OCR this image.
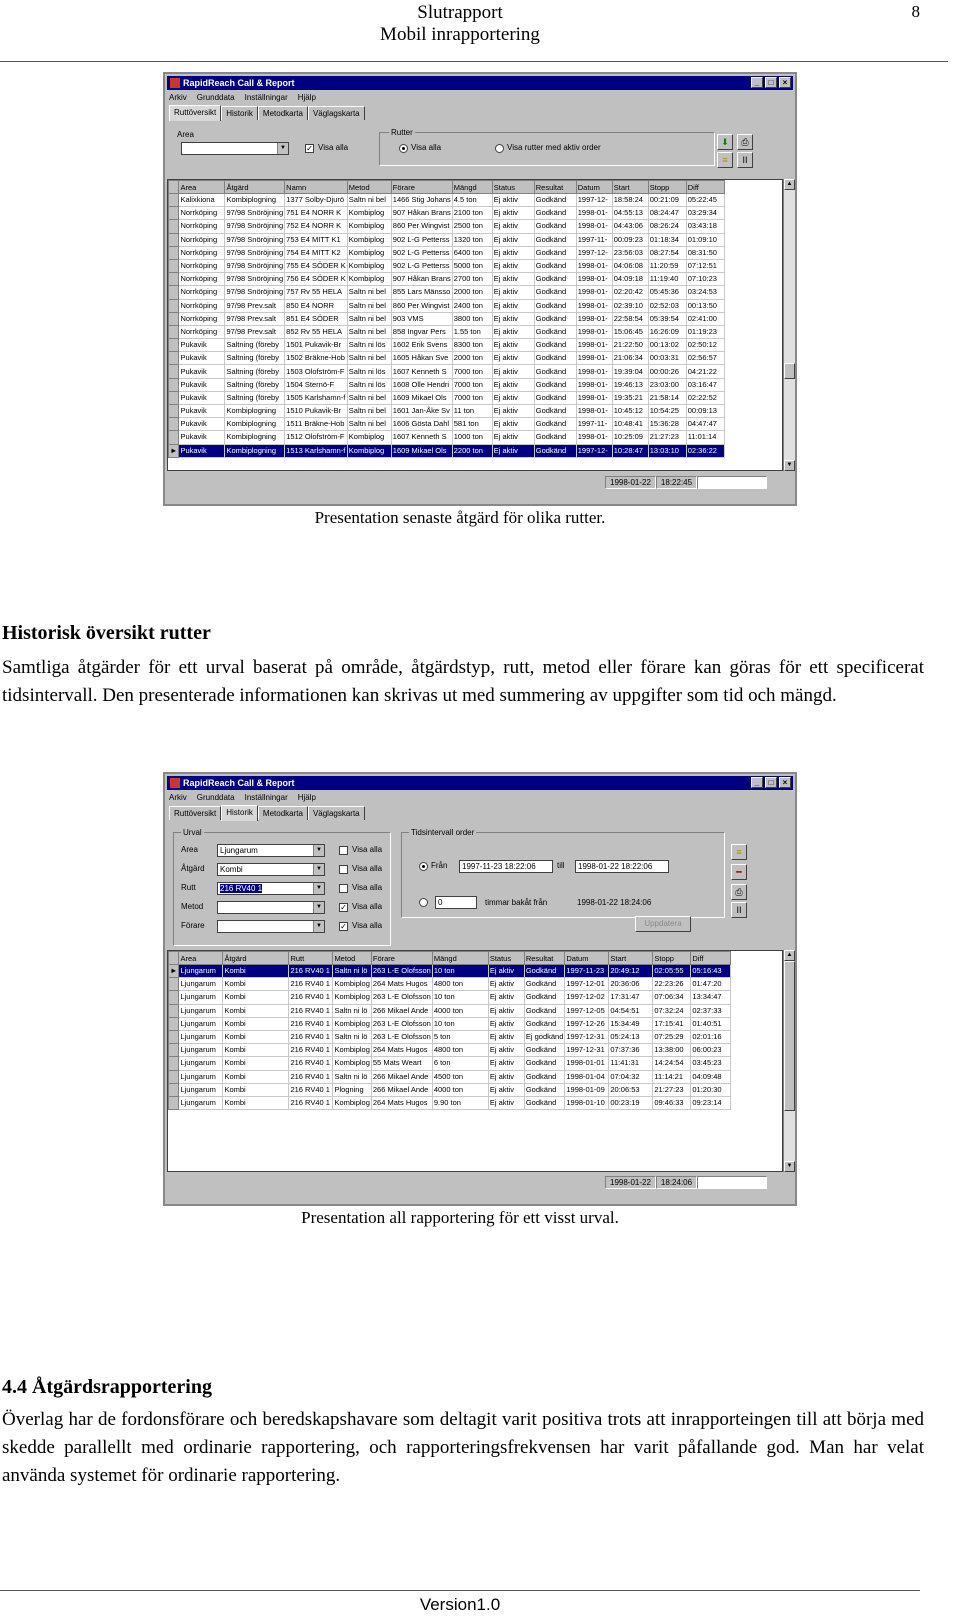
Slutrapport
Mobil inrapportering
8
RapidReach Call & Report	_	□	×
Arkiv Grunddata Inställningar Hjälp
Ruttöversikt	Historik	Metodkarta	Väglagskarta
Area
▼	✓ Visa alla
Rutter
Visa alla	Visa rutter med aktiv order
⬇	⎙
≡	II
	Area	Åtgärd	Namn	Metod	Förare	Mängd	Status	Resultat	Datum	Start	Stopp	Diff
	Kalixkiona	Kombiplogning	1377 Solby-Djurö	Saltn ni bel	1466 Stig Johans	4.5 ton	Ej aktiv	Godkänd	1997-12-	18:58:24	00:21:09	05:22:45
	Norrköping	97/98 Snöröjning	751 E4 NORR K	Kombiplog	907 Håkan Brans	2100 ton	Ej aktiv	Godkänd	1998-01-	04:55:13	08:24:47	03:29:34
	Norrköping	97/98 Snöröjning	752 E4 NORR K	Kombiplog	860 Per Wingvist	2500 ton	Ej aktiv	Godkänd	1998-01-	04:43:06	08:26:24	03:43:18
	Norrköping	97/98 Snöröjning	753 E4 MITT K1	Kombiplog	902 L-G Petterss	1320 ton	Ej aktiv	Godkänd	1997-11-	00:09:23	01:18:34	01:09:10
	Norrköping	97/98 Snöröjning	754 E4 MITT K2	Kombiplog	902 L-G Petterss	6400 ton	Ej aktiv	Godkänd	1997-12-	23:56:03	08:27:54	08:31:50
	Norrköping	97/98 Snöröjning	755 E4 SÖDER K	Kombiplog	902 L-G Petterss	5000 ton	Ej aktiv	Godkänd	1998-01-	04:06:08	11:20:59	07:12:51
	Norrköping	97/98 Snöröjning	756 E4 SÖDER K	Kombiplog	907 Håkan Brans	2700 ton	Ej aktiv	Godkänd	1998-01-	04:09:18	11:19:40	07:10:23
	Norrköping	97/98 Snöröjning	757 Rv 55 HELA	Saltn ni bel	855 Lars Mänsso	2000 ton	Ej aktiv	Godkänd	1998-01-	02:20:42	05:45:36	03:24:53
	Norrköping	97/98 Prev.salt	850 E4 NORR	Saltn ni bel	860 Per Wingvist	2400 ton	Ej aktiv	Godkänd	1998-01-	02:39:10	02:52:03	00:13:50
	Norrköping	97/98 Prev.salt	851 E4 SÖDER	Saltn ni bel	903 VMS	3800 ton	Ej aktiv	Godkänd	1998-01-	22:58:54	05:39:54	02:41:00
	Norrköping	97/98 Prev.salt	852 Rv 55 HELA	Saltn ni bel	858 Ingvar Pers	1.55 ton	Ej aktiv	Godkänd	1998-01-	15:06:45	16:26:09	01:19:23
	Pukavik	Saltning (föreby	1501 Pukavik-Br	Saltn ni lös	1602 Erik Svens	8300 ton	Ej aktiv	Godkänd	1998-01-	21:22:50	00:13:02	02:50:12
	Pukavik	Saltning (föreby	1502 Bräkne-Hob	Saltn ni bel	1605 Håkan Sve	2000 ton	Ej aktiv	Godkänd	1998-01-	21:06:34	00:03:31	02:56:57
	Pukavik	Saltning (föreby	1503 Olofström-F	Saltn ni lös	1607 Kenneth S	7000 ton	Ej aktiv	Godkänd	1998-01-	19:39:04	00:00:26	04:21:22
	Pukavik	Saltning (föreby	1504 Sternö-F	Saltn ni lös	1608 Olle Hendri	7000 ton	Ej aktiv	Godkänd	1998-01-	19:46:13	23:03:00	03:16:47
	Pukavik	Saltning (föreby	1505 Karlshamn-f	Saltn ni bel	1609 Mikael Ols	7000 ton	Ej aktiv	Godkänd	1998-01-	19:35:21	21:58:14	02:22:52
	Pukavik	Kombiplogning	1510 Pukavik-Br	Saltn ni bel	1601 Jan-Åke Sv	11 ton	Ej aktiv	Godkänd	1998-01-	10:45:12	10:54:25	00:09:13
	Pukavik	Kombiplogning	1511 Bräkne-Hob	Saltn ni bel	1606 Gösta Dahl	581 ton	Ej aktiv	Godkänd	1997-11-	10:48:41	15:36:28	04:47:47
	Pukavik	Kombiplogning	1512 Olofström-F	Kombiplog	1607 Kenneth S	1000 ton	Ej aktiv	Godkänd	1998-01-	10:25:09	21:27:23	11:01:14
►	Pukavik	Kombiplogning	1513 Karlshamn-f	Kombiplog	1609 Mikael Ols	2200 ton	Ej aktiv	Godkänd	1997-12-	10:28:47	13:03:10	02:36:22
▲
▼
1998-01-22	18:22:45
Presentation senaste åtgärd för olika rutter.
Historisk översikt rutter
Samtliga åtgärder för ett urval baserat på område, åtgärdstyp, rutt, metod eller förare kan göras för ett specificerat tidsintervall. Den presenterade informationen kan skrivas ut med summering av uppgifter som tid och mängd.
RapidReach Call & Report	_	□	×
Arkiv Grunddata Inställningar Hjälp
Ruttöversikt	Historik	Metodkarta	Väglagskarta
Urval
Area	Ljungarum	▼	Visa alla
Åtgärd	Kombi	▼	Visa alla
Rutt	216 RV40 1	▼	Visa alla
Metod	▼ ✓ Visa alla
Förare	▼ ✓ Visa alla
Tidsintervall order
Från	1997-11-23 18:22:06	till	1998-01-22 18:22:06
0	timmar bakåt från	1998-01-22 18:24:06
Uppdatera
≡
━
⎙
II
	Area	Åtgärd	Rutt	Metod	Förare	Mängd	Status	Resultat	Datum	Start	Stopp	Diff
►	Ljungarum	Kombi	216 RV40 1	Saltn ni lö	263 L-E Olofsson	10 ton	Ej aktiv	Godkänd	1997-11-23	20:49:12	02:05:55	05:16:43
	Ljungarum	Kombi	216 RV40 1	Kombiplog	264 Mats Hugos	4800 ton	Ej aktiv	Godkänd	1997-12-01	20:36:06	22:23:26	01:47:20
	Ljungarum	Kombi	216 RV40 1	Kombiplog	263 L-E Olofsson	10 ton	Ej aktiv	Godkänd	1997-12-02	17:31:47	07:06:34	13:34:47
	Ljungarum	Kombi	216 RV40 1	Saltn ni lö	266 Mikael Ande	4000 ton	Ej aktiv	Godkänd	1997-12-05	04:54:51	07:32:24	02:37:33
	Ljungarum	Kombi	216 RV40 1	Kombiplog	263 L-E Olofsson	10 ton	Ej aktiv	Godkänd	1997-12-26	15:34:49	17:15:41	01:40:51
	Ljungarum	Kombi	216 RV40 1	Saltn ni lö	263 L-E Olofsson	5 ton	Ej aktiv	Ej godkänd	1997-12-31	05:24:13	07:25:29	02:01:16
	Ljungarum	Kombi	216 RV40 1	Kombiplog	264 Mats Hugos	4800 ton	Ej aktiv	Godkänd	1997-12-31	07:37:36	13:38:00	06:00:23
	Ljungarum	Kombi	216 RV40 1	Kombiplog	55 Mats Weart	6 ton	Ej aktiv	Godkänd	1998-01-01	11:41:31	14:24:54	03:45:23
	Ljungarum	Kombi	216 RV40 1	Saltn ni lö	266 Mikael Ande	4500 ton	Ej aktiv	Godkänd	1998-01-04	07:04:32	11:14:21	04:09:48
	Ljungarum	Kombi	216 RV40 1	Plogning	266 Mikael Ande	4000 ton	Ej aktiv	Godkänd	1998-01-09	20:06:53	21:27:23	01:20:30
	Ljungarum	Kombi	216 RV40 1	Kombiplog	264 Mats Hugos	9.90 ton	Ej aktiv	Godkänd	1998-01-10	00:23:19	09:46:33	09:23:14
▲
▼
1998-01-22	18:24:06
Presentation all rapportering för ett visst urval.
4.4 Åtgärdsrapportering
Överlag har de fordonsförare och beredskapshavare som deltagit varit positiva trots att inrapporteingen till att börja med skedde parallellt med ordinarie rapportering, och rapporteringsfrekvensen har varit påfallande god. Man har velat använda systemet för ordinarie rapportering.
Version1.0
